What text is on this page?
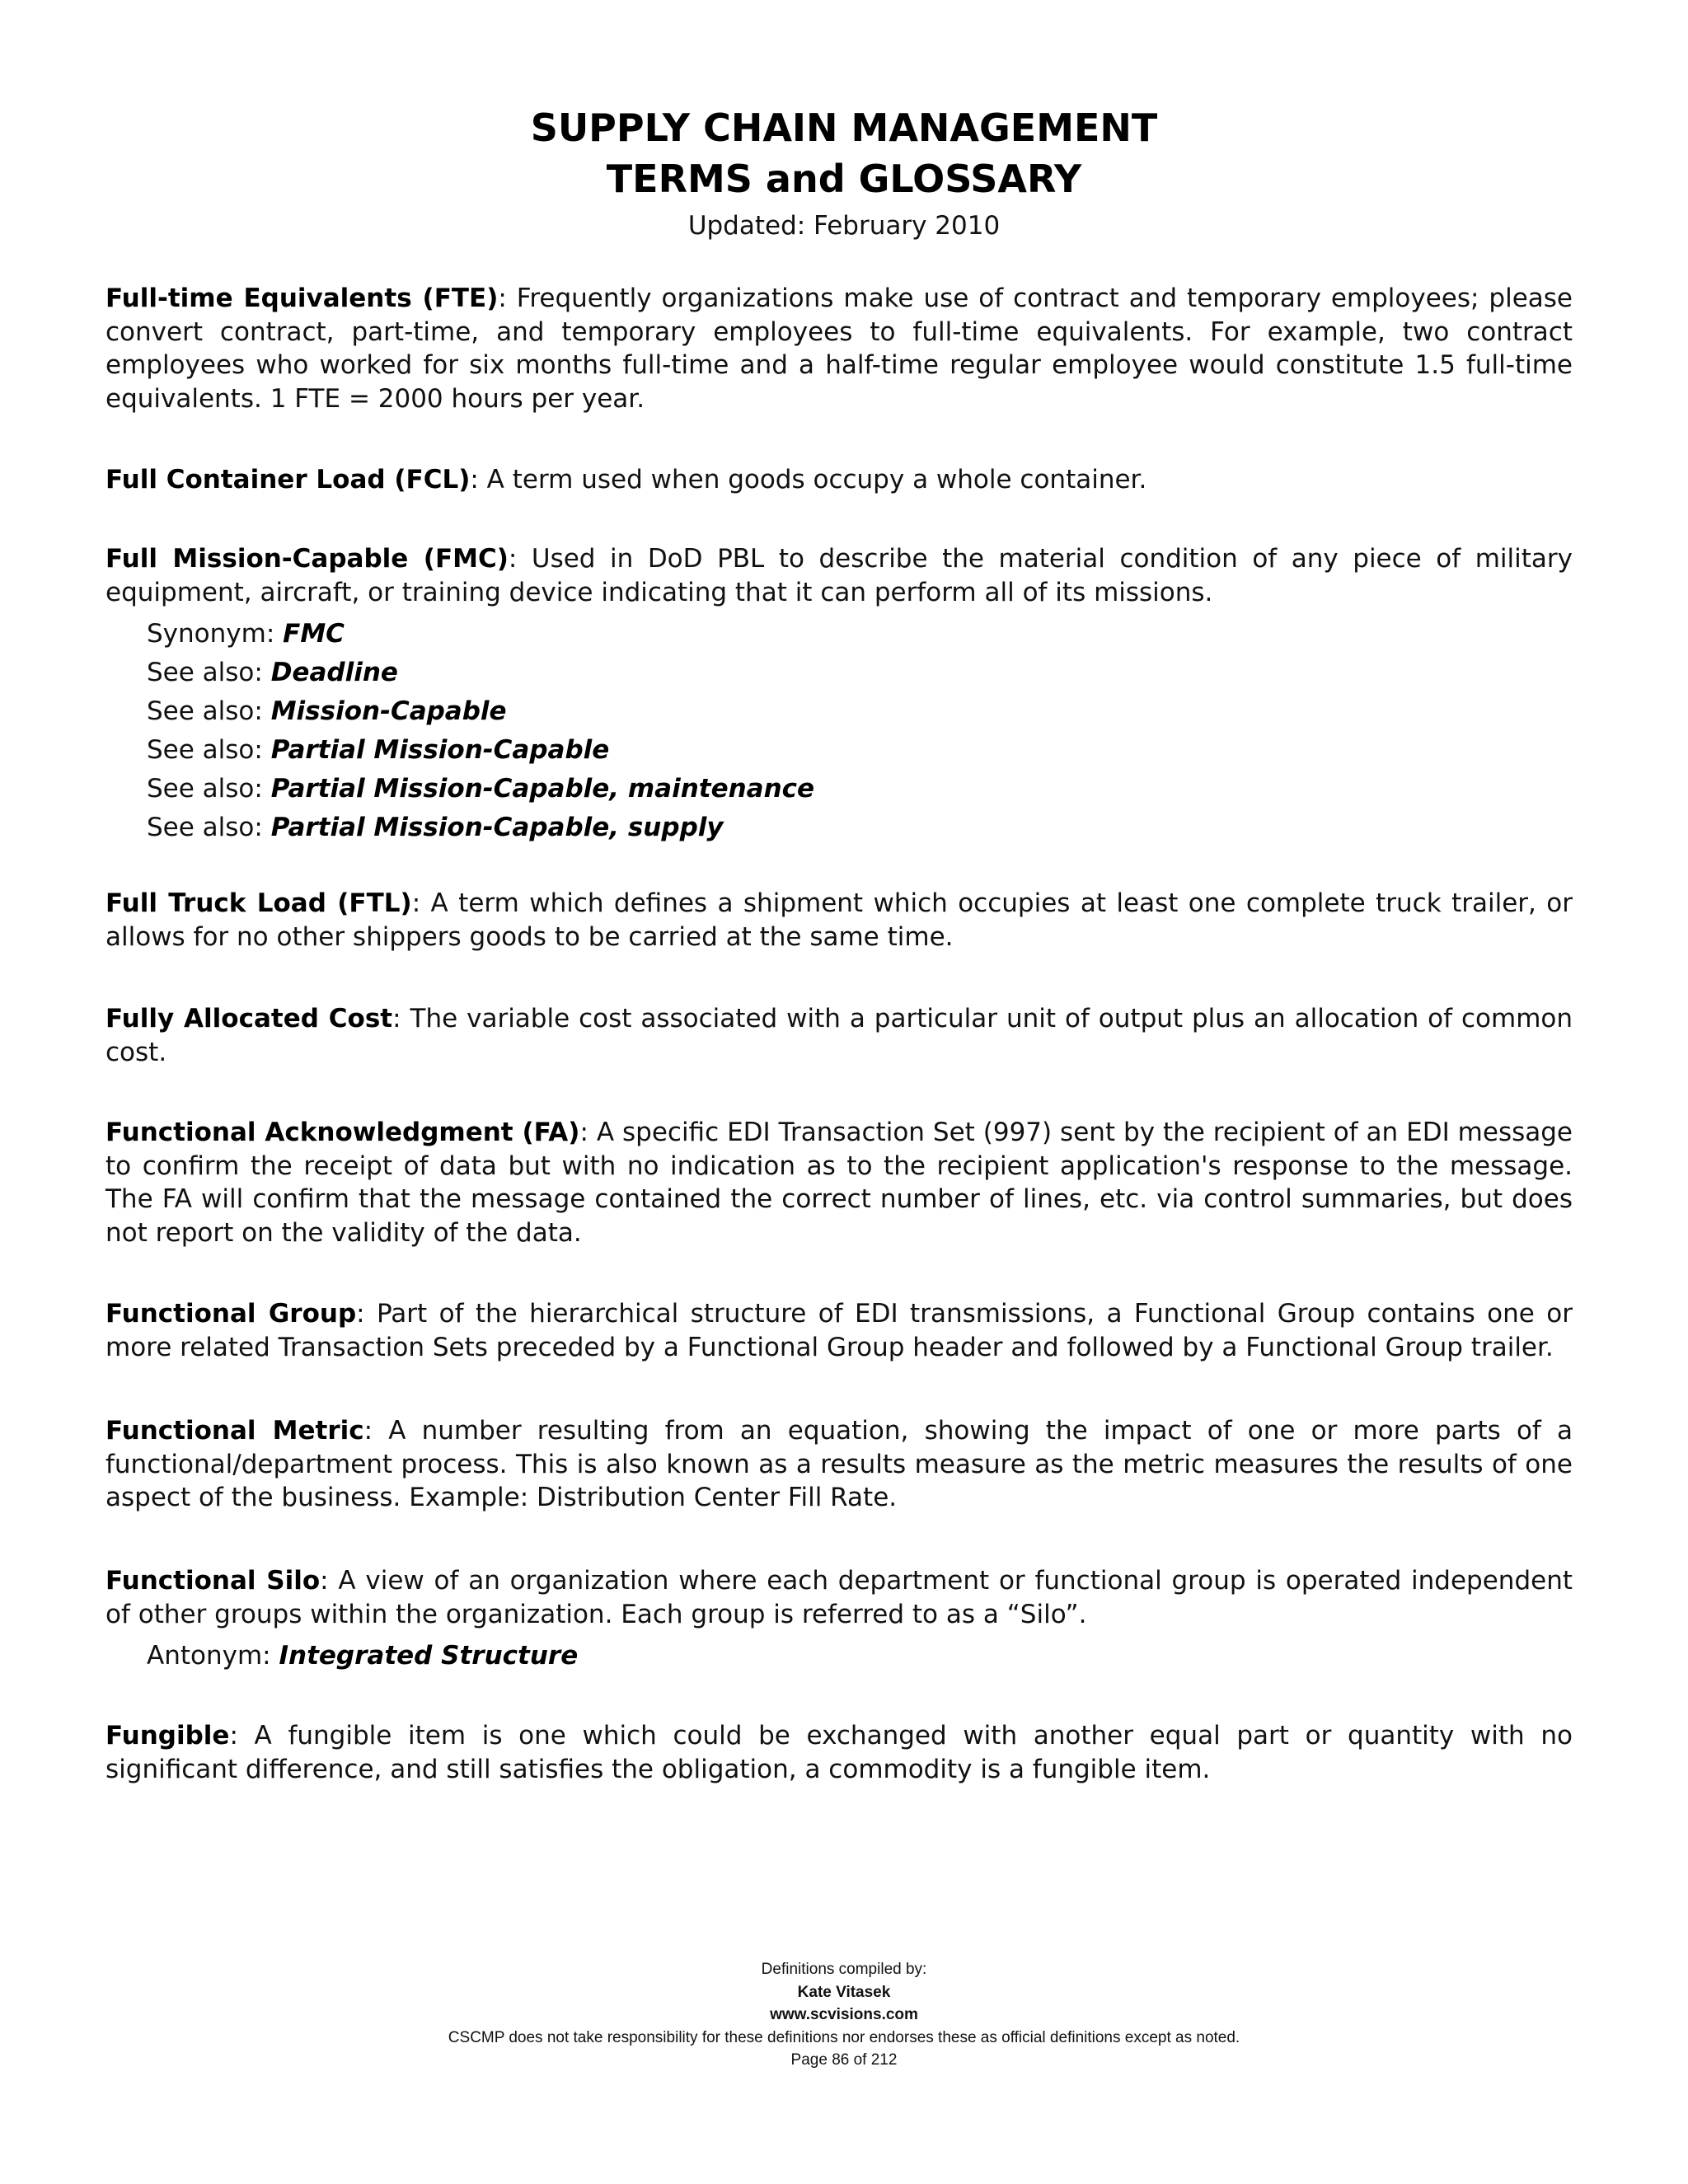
SUPPLY CHAIN MANAGEMENT
TERMS and GLOSSARY
Updated: February 2010

Full-time Equivalents (FTE): Frequently organizations make use of contract and temporary employees; please convert contract, part-time, and temporary employees to full-time equivalents. For example, two contract employees who worked for six months full-time and a half-time regular employee would constitute 1.5 full-time equivalents. 1 FTE = 2000 hours per year.

Full Container Load (FCL): A term used when goods occupy a whole container.

Full Mission-Capable (FMC): Used in DoD PBL to describe the material condition of any piece of military equipment, aircraft, or training device indicating that it can perform all of its missions.

Synonym: FMC
See also: Deadline
See also: Mission-Capable
See also: Partial Mission-Capable
See also: Partial Mission-Capable, maintenance
See also: Partial Mission-Capable, supply

Full Truck Load (FTL): A term which defines a shipment which occupies at least one complete truck trailer, or allows for no other shippers goods to be carried at the same time.

Fully Allocated Cost: The variable cost associated with a particular unit of output plus an allocation of common cost.

Functional Acknowledgment (FA): A specific EDI Transaction Set (997) sent by the recipient of an EDI message to confirm the receipt of data but with no indication as to the recipient application's response to the message. The FA will confirm that the message contained the correct number of lines, etc. via control summaries, but does not report on the validity of the data.

Functional Group: Part of the hierarchical structure of EDI transmissions, a Functional Group contains one or more related Transaction Sets preceded by a Functional Group header and followed by a Functional Group trailer.

Functional Metric: A number resulting from an equation, showing the impact of one or more parts of a functional/department process. This is also known as a results measure as the metric measures the results of one aspect of the business. Example: Distribution Center Fill Rate.

Functional Silo: A view of an organization where each department or functional group is operated independent of other groups within the organization. Each group is referred to as a “Silo”.

Antonym: Integrated Structure

Fungible: A fungible item is one which could be exchanged with another equal part or quantity with no significant difference, and still satisfies the obligation, a commodity is a fungible item.

Definitions compiled by:
Kate Vitasek
www.scvisions.com
CSCMP does not take responsibility for these definitions nor endorses these as official definitions except as noted.
Page 86 of 212
